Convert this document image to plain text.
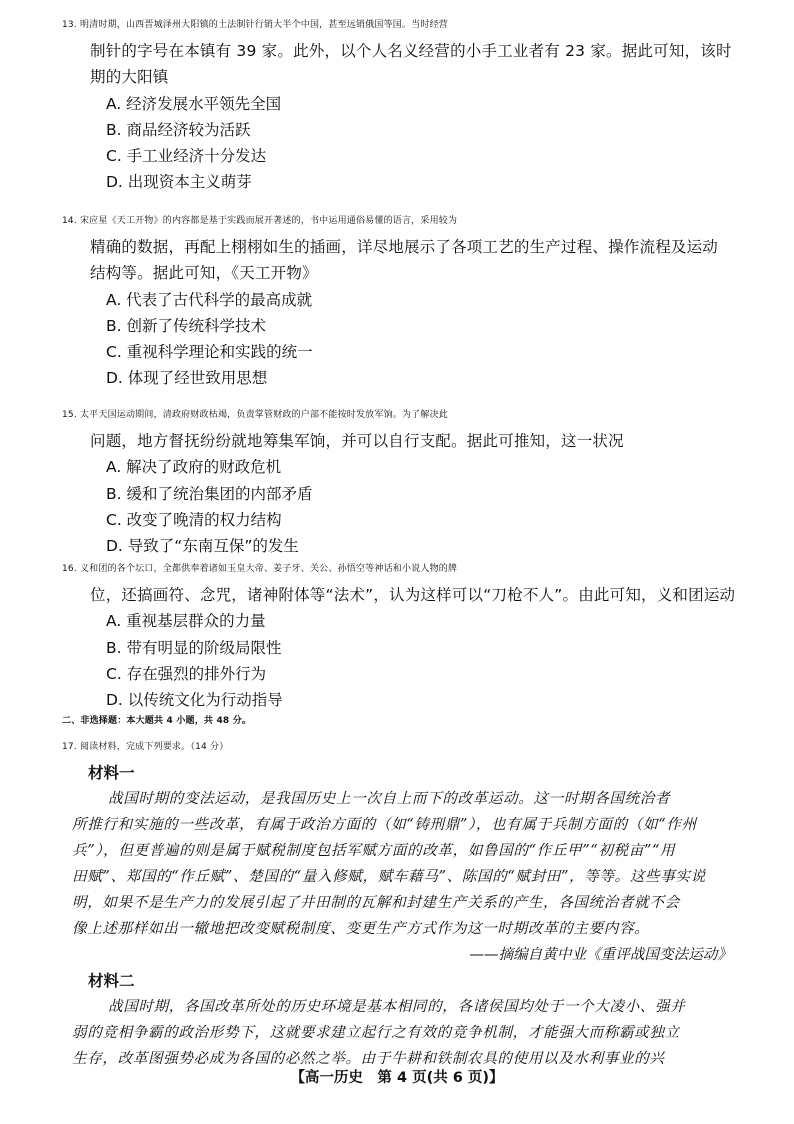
13. 明清时期，山西晋城泽州大阳镇的土法制针行销大半个中国，甚至远销俄国等国。当时经营
制针的字号在本镇有 39 家。此外，以个人名义经营的小手工业者有 23 家。据此可知，该时
期的大阳镇
A. 经济发展水平领先全国
B. 商品经济较为活跃
C. 手工业经济十分发达
D. 出现资本主义萌芽
14. 宋应星《天工开物》的内容都是基于实践而展开著述的，书中运用通俗易懂的语言，采用较为
精确的数据，再配上栩栩如生的插画，详尽地展示了各项工艺的生产过程、操作流程及运动
结构等。据此可知，《天工开物》
A. 代表了古代科学的最高成就
B. 创新了传统科学技术
C. 重视科学理论和实践的统一
D. 体现了经世致用思想
15. 太平天国运动期间，清政府财政枯竭，负责掌管财政的户部不能按时发放军饷。为了解决此
问题，地方督抚纷纷就地筹集军饷，并可以自行支配。据此可推知，这一状况
A. 解决了政府的财政危机
B. 缓和了统治集团的内部矛盾
C. 改变了晚清的权力结构
D. 导致了“东南互保”的发生
16. 义和团的各个坛口，全都供奉着诸如玉皇大帝、姜子牙、关公、孙悟空等神话和小说人物的牌
位，还搞画符、念咒，诸神附体等“法术”，认为这样可以“刀枪不人”。由此可知，义和团运动
A. 重视基层群众的力量
B. 带有明显的阶级局限性
C. 存在强烈的排外行为
D. 以传统文化为行动指导
二、非选择题：本大题共 4 小题，共 48 分。
17. 阅读材料，完成下列要求。（14 分）
材料一
战国时期的变法运动，是我国历史上一次自上而下的改革运动。这一时期各国统治者
所推行和实施的一些改革，有属于政治方面的（如“铸刑鼎”），也有属于兵制方面的（如“作州
兵”），但更普遍的则是属于赋税制度包括军赋方面的改革，如鲁国的“作丘甲”“初税亩”“用
田赋”、郑国的“作丘赋”、楚国的“量入修赋，赋车藉马”、陈国的“赋封田”，等等。这些事实说
明，如果不是生产力的发展引起了井田制的瓦解和封建生产关系的产生，各国统治者就不会
像上述那样如出一辙地把改变赋税制度、变更生产方式作为这一时期改革的主要内容。
——摘编自黄中业《重评战国变法运动》
材料二
战国时期，各国改革所处的历史环境是基本相同的，各诸侯国均处于一个大凌小、强并
弱的竞相争霸的政治形势下，这就要求建立起行之有效的竞争机制，才能强大而称霸或独立
生存，改革图强势必成为各国的必然之举。由于牛耕和铁制农具的使用以及水利事业的兴
【高一历史　第 4 页(共 6 页)】
